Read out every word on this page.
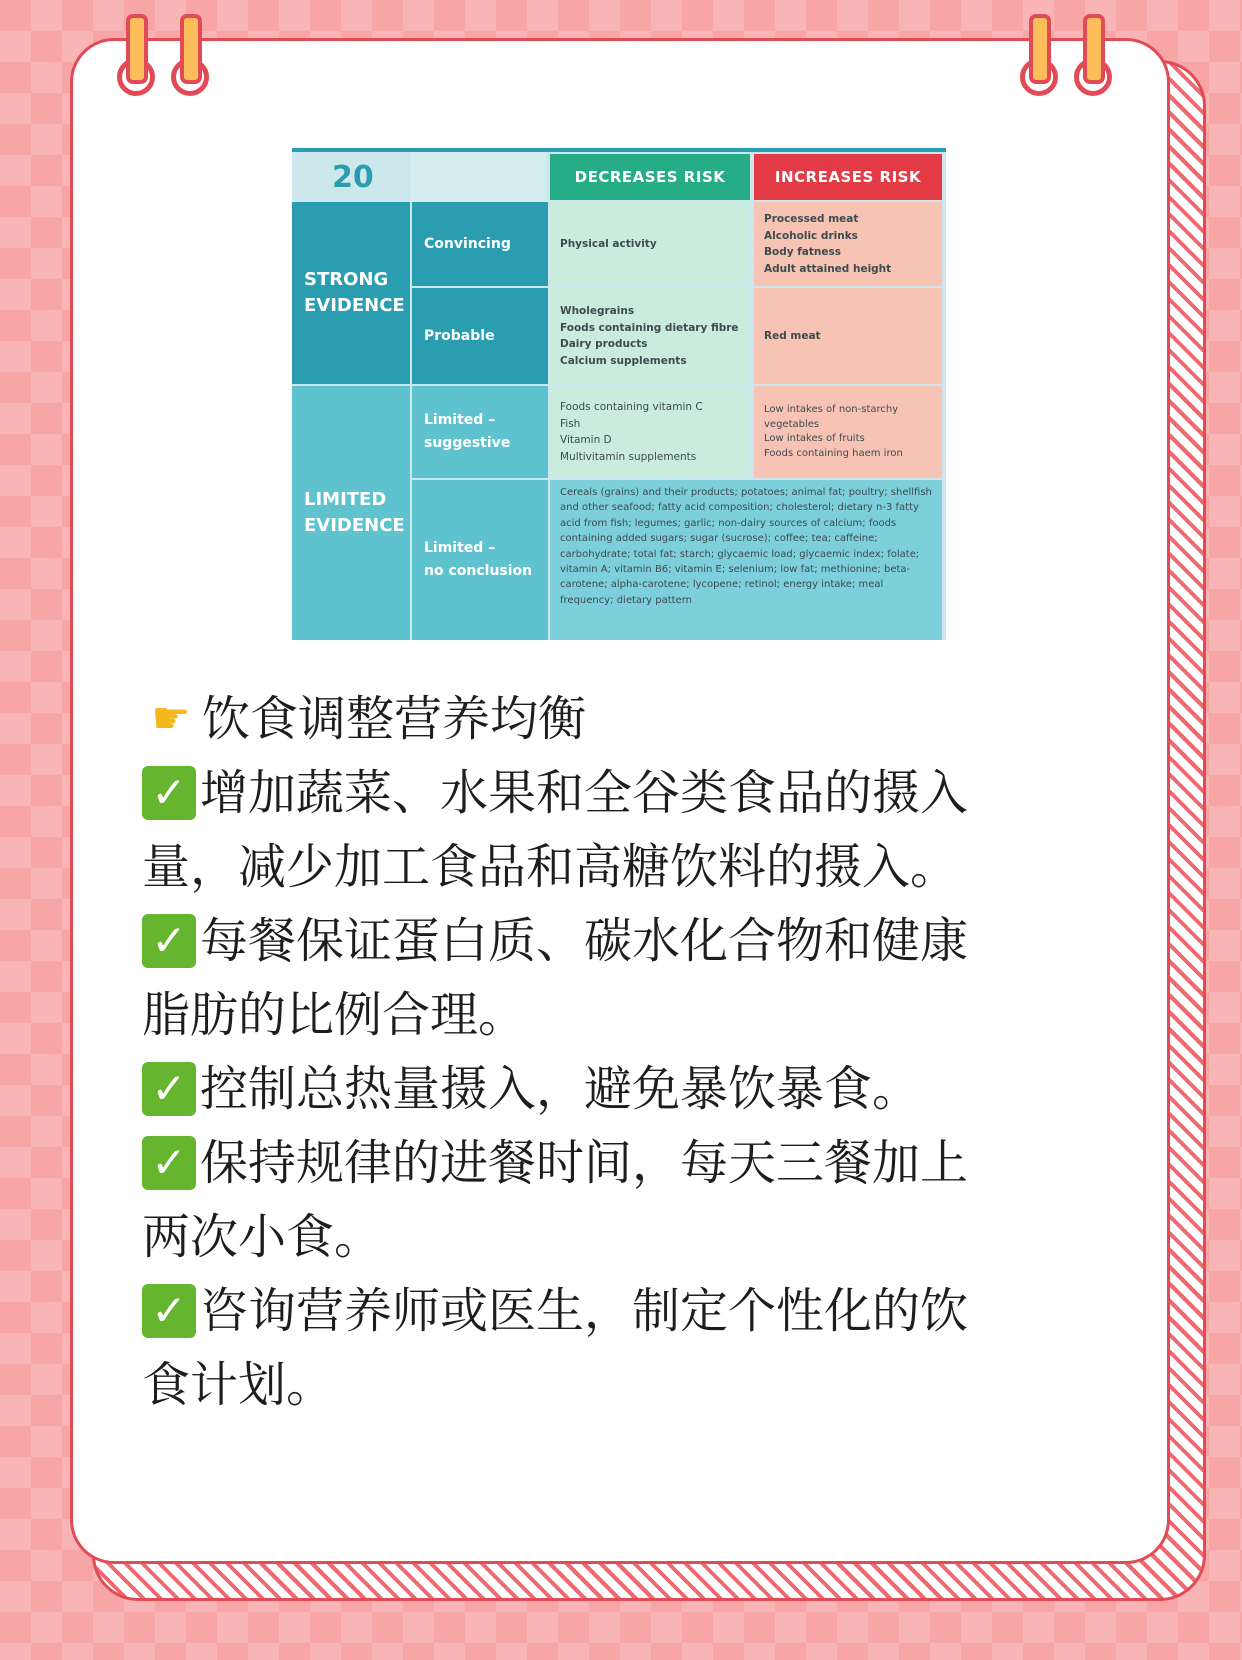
20	DECREASES RISK	INCREASES RISK
STRONG
EVIDENCE
LIMITED
EVIDENCE
Convincing
Probable
Limited –
suggestive
Limited –
no conclusion
Physical activity
Processed meat
Alcoholic drinks
Body fatness
Adult attained height
Wholegrains
Foods containing dietary fibre
Dairy products
Calcium supplements
Red meat
Foods containing vitamin C
Fish
Vitamin D
Multivitamin supplements
Low intakes of non-starchy vegetables
Low intakes of fruits
Foods containing haem iron
Cereals (grains) and their products; potatoes; animal fat; poultry; shellfish and other seafood; fatty acid composition; cholesterol; dietary n-3 fatty acid from fish; legumes; garlic; non-dairy sources of calcium; foods containing added sugars; sugar (sucrose); coffee; tea; caffeine; carbohydrate; total fat; starch; glycaemic load; glycaemic index; folate; vitamin A; vitamin B6; vitamin E; selenium; low fat; methionine; beta-carotene; alpha-carotene; lycopene; retinol; energy intake; meal frequency; dietary pattern
☛ 饮食调整营养均衡
✓ 增加蔬菜、水果和全谷类食品的摄入
量，减少加工食品和高糖饮料的摄入。
✓ 每餐保证蛋白质、碳水化合物和健康
脂肪的比例合理。
✓ 控制总热量摄入，避免暴饮暴食。
✓ 保持规律的进餐时间，每天三餐加上
两次小食。
✓ 咨询营养师或医生，制定个性化的饮
食计划。
